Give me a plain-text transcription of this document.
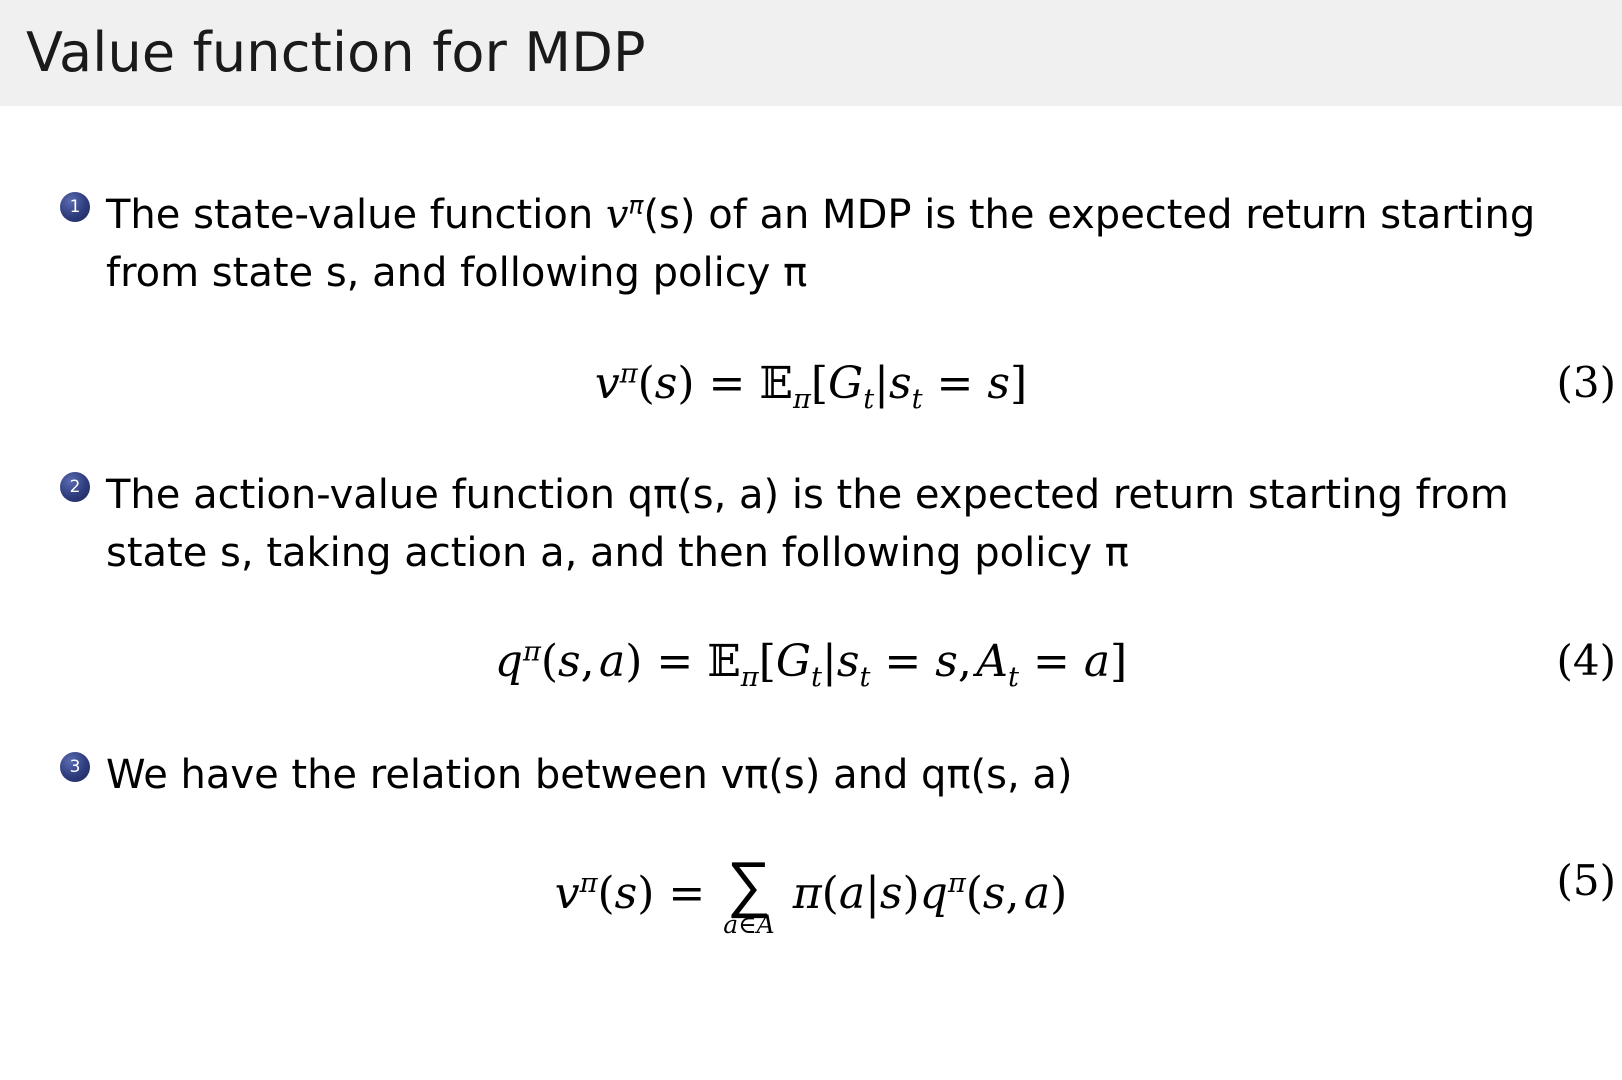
Value function for MDP
1 The state-value function $v^\pi(s)$ of an MDP is the expected return starting from state s, and following policy π
$v^\pi(s)$ = $𝔼_\pi[G_t|s_t = s]$	(3)
2 The action-value function qπ(s, a) is the expected return starting from state s, taking action a, and then following policy π
$q^\pi(s$, $a) = 𝔼_\pi[G_t|s_t = s$, $A_t = a$]	(4)
3 We have the relation between vπ(s) and qπ(s, a)
$v^\pi(s)$ = ∑
a∈A
$\pi(a|s)q^\pi(s$, a)	(5)
